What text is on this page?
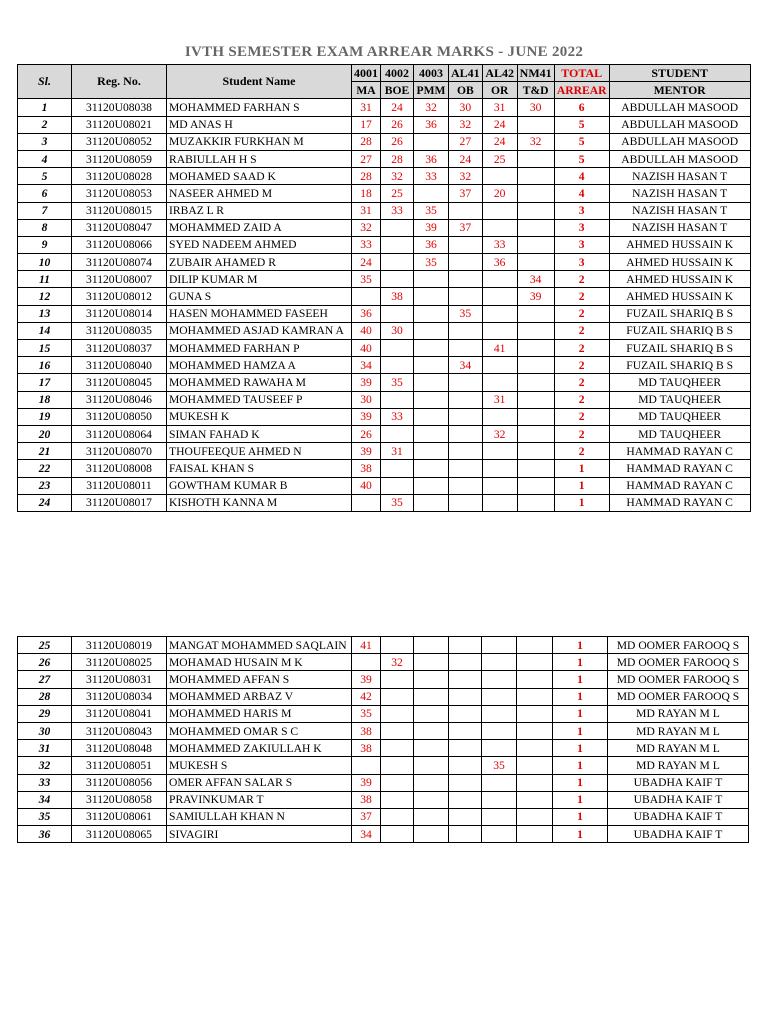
IVTH SEMESTER EXAM ARREAR MARKS - JUNE 2022
Sl.	Reg. No.	Student Name	4001	4002	4003	AL41	AL42	NM41	TOTAL	STUDENT
			MA	BOE	PMM	OB	OR	T&D	ARREAR	MENTOR
1	31120U08038	MOHAMMED FARHAN S	31	24	32	30	31	30	6	ABDULLAH MASOOD
2	31120U08021	MD ANAS H	17	26	36	32	24		5	ABDULLAH MASOOD
3	31120U08052	MUZAKKIR FURKHAN M	28	26		27	24	32	5	ABDULLAH MASOOD
4	31120U08059	RABIULLAH H S	27	28	36	24	25		5	ABDULLAH MASOOD
5	31120U08028	MOHAMED SAAD K	28	32	33	32			4	NAZISH HASAN T
6	31120U08053	NASEER AHMED M	18	25		37	20		4	NAZISH HASAN T
7	31120U08015	IRBAZ L R	31	33	35				3	NAZISH HASAN T
8	31120U08047	MOHAMMED ZAID A	32		39	37			3	NAZISH HASAN T
9	31120U08066	SYED NADEEM AHMED	33		36		33		3	AHMED HUSSAIN K
10	31120U08074	ZUBAIR AHAMED R	24		35		36		3	AHMED HUSSAIN K
11	31120U08007	DILIP KUMAR M	35					34	2	AHMED HUSSAIN K
12	31120U08012	GUNA S		38				39	2	AHMED HUSSAIN K
13	31120U08014	HASEN MOHAMMED FASEEH	36			35			2	FUZAIL SHARIQ B S
14	31120U08035	MOHAMMED ASJAD KAMRAN A	40	30					2	FUZAIL SHARIQ B S
15	31120U08037	MOHAMMED FARHAN P	40				41		2	FUZAIL SHARIQ B S
16	31120U08040	MOHAMMED HAMZA A	34			34			2	FUZAIL SHARIQ B S
17	31120U08045	MOHAMMED RAWAHA M	39	35					2	MD TAUQHEER
18	31120U08046	MOHAMMED TAUSEEF P	30				31		2	MD TAUQHEER
19	31120U08050	MUKESH K	39	33					2	MD TAUQHEER
20	31120U08064	SIMAN FAHAD K	26				32		2	MD TAUQHEER
21	31120U08070	THOUFEEQUE AHMED N	39	31					2	HAMMAD RAYAN C
22	31120U08008	FAISAL KHAN S	38						1	HAMMAD RAYAN C
23	31120U08011	GOWTHAM KUMAR B	40						1	HAMMAD RAYAN C
24	31120U08017	KISHOTH KANNA M		35					1	HAMMAD RAYAN C
25	31120U08019	MANGAT MOHAMMED SAQLAIN	41						1	MD OOMER FAROOQ S
26	31120U08025	MOHAMAD HUSAIN M K		32					1	MD OOMER FAROOQ S
27	31120U08031	MOHAMMED AFFAN S	39						1	MD OOMER FAROOQ S
28	31120U08034	MOHAMMED ARBAZ V	42						1	MD OOMER FAROOQ S
29	31120U08041	MOHAMMED HARIS M	35						1	MD RAYAN M L
30	31120U08043	MOHAMMED OMAR S C	38						1	MD RAYAN M L
31	31120U08048	MOHAMMED ZAKIULLAH K	38						1	MD RAYAN M L
32	31120U08051	MUKESH S					35		1	MD RAYAN M L
33	31120U08056	OMER AFFAN SALAR S	39						1	UBADHA KAIF T
34	31120U08058	PRAVINKUMAR T	38						1	UBADHA KAIF T
35	31120U08061	SAMIULLAH KHAN N	37						1	UBADHA KAIF T
36	31120U08065	SIVAGIRI	34						1	UBADHA KAIF T
